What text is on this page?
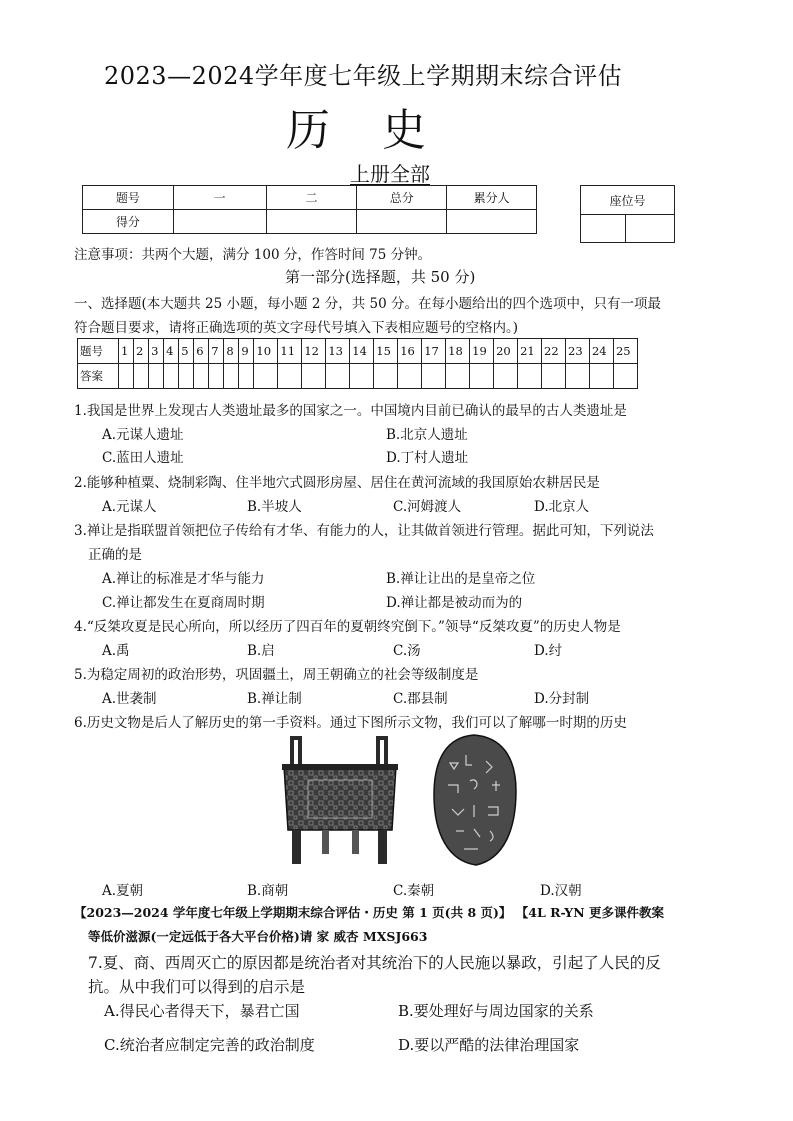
2023—2024学年度七年级上学期期末综合评估
历 史
上册全部
题号	一	二	总分	累分人
得分				
座位号

注意事项：共两个大题，满分 100 分，作答时间 75 分钟。
第一部分(选择题，共 50 分)
一、选择题(本大题共 25 小题，每小题 2 分，共 50 分。在每小题给出的四个选项中，只有一项最
符合题目要求，请将正确选项的英文字母代号填入下表相应题号的空格内。)
题号	1	2	3	4	5	6	7	8	9	10	11	12	13	14	15	16	17	18	19	20	21	22	23	24	25
答案																									
1.我国是世界上发现古人类遗址最多的国家之一。中国境内目前已确认的最早的古人类遗址是
A.元谋人遗址	B.北京人遗址
C.蓝田人遗址	D.丁村人遗址
2.能够种植粟、烧制彩陶、住半地穴式圆形房屋、居住在黄河流域的我国原始农耕居民是
A.元谋人	B.半坡人	C.河姆渡人	D.北京人
3.禅让是指联盟首领把位子传给有才华、有能力的人，让其做首领进行管理。据此可知，下列说法
正确的是
A.禅让的标准是才华与能力	B.禅让让出的是皇帝之位
C.禅让都发生在夏商周时期	D.禅让都是被动而为的
4.“反桀攻夏是民心所向，所以经历了四百年的夏朝终究倒下。”领导“反桀攻夏”的历史人物是
A.禹	B.启	C.汤	D.纣
5.为稳定周初的政治形势，巩固疆土，周王朝确立的社会等级制度是
A.世袭制	B.禅让制	C.郡县制	D.分封制
6.历史文物是后人了解历史的第一手资料。通过下图所示文物，我们可以了解哪一时期的历史
A.夏朝	B.商朝	C.秦朝	D.汉朝
【2023—2024 学年度七年级上学期期末综合评估・历史 第 1 页(共 8 页)】 【4L R-YN 更多课件教案
等低价滋源(一定远低于各大平台价格)请 家 威杏 MXSJ663
7.夏、商、西周灭亡的原因都是统治者对其统治下的人民施以暴政，引起了人民的反
抗。从中我们可以得到的启示是
A.得民心者得天下，暴君亡国	B.要处理好与周边国家的关系
C.统治者应制定完善的政治制度	D.要以严酷的法律治理国家
